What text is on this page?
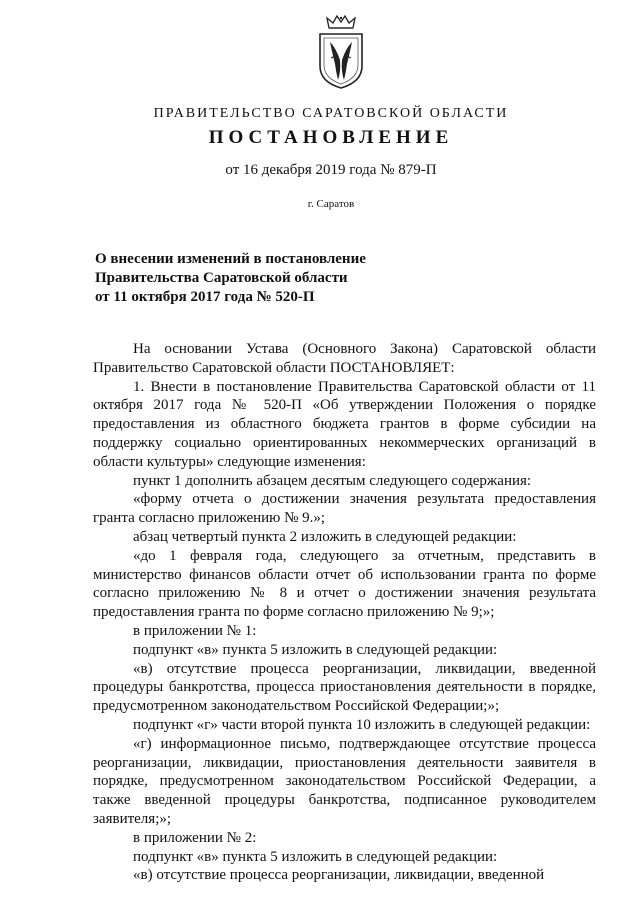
ПРАВИТЕЛЬСТВО САРАТОВСКОЙ ОБЛАСТИ
ПОСТАНОВЛЕНИЕ
от 16 декабря 2019 года № 879-П
г. Саратов
О внесении изменений в постановление
Правительства Саратовской области
от 11 октября 2017 года № 520-П

На основании Устава (Основного Закона) Саратовской области Правительство Саратовской области ПОСТАНОВЛЯЕТ:

1. Внести в постановление Правительства Саратовской области от 11 октября 2017 года № 520-П «Об утверждении Положения о порядке предоставления из областного бюджета грантов в форме субсидии на поддержку социально ориентированных некоммерческих организаций в области культуры» следующие изменения:

пункт 1 дополнить абзацем десятым следующего содержания:

«форму отчета о достижении значения результата предоставления гранта согласно приложению № 9.»;

абзац четвертый пункта 2 изложить в следующей редакции:

«до 1 февраля года, следующего за отчетным, представить в министерство финансов области отчет об использовании гранта по форме согласно приложению № 8 и отчет о достижении значения результата предоставления гранта по форме согласно приложению № 9;»;

в приложении № 1:

подпункт «в» пункта 5 изложить в следующей редакции:

«в) отсутствие процесса реорганизации, ликвидации, введенной процедуры банкротства, процесса приостановления деятельности в порядке, предусмотренном законодательством Российской Федерации;»;

подпункт «г» части второй пункта 10 изложить в следующей редакции:

«г) информационное письмо, подтверждающее отсутствие процесса реорганизации, ликвидации, приостановления деятельности заявителя в порядке, предусмотренном законодательством Российской Федерации, а также введенной процедуры банкротства, подписанное руководителем заявителя;»;

в приложении № 2:

подпункт «в» пункта 5 изложить в следующей редакции:

«в) отсутствие процесса реорганизации, ликвидации, введенной
